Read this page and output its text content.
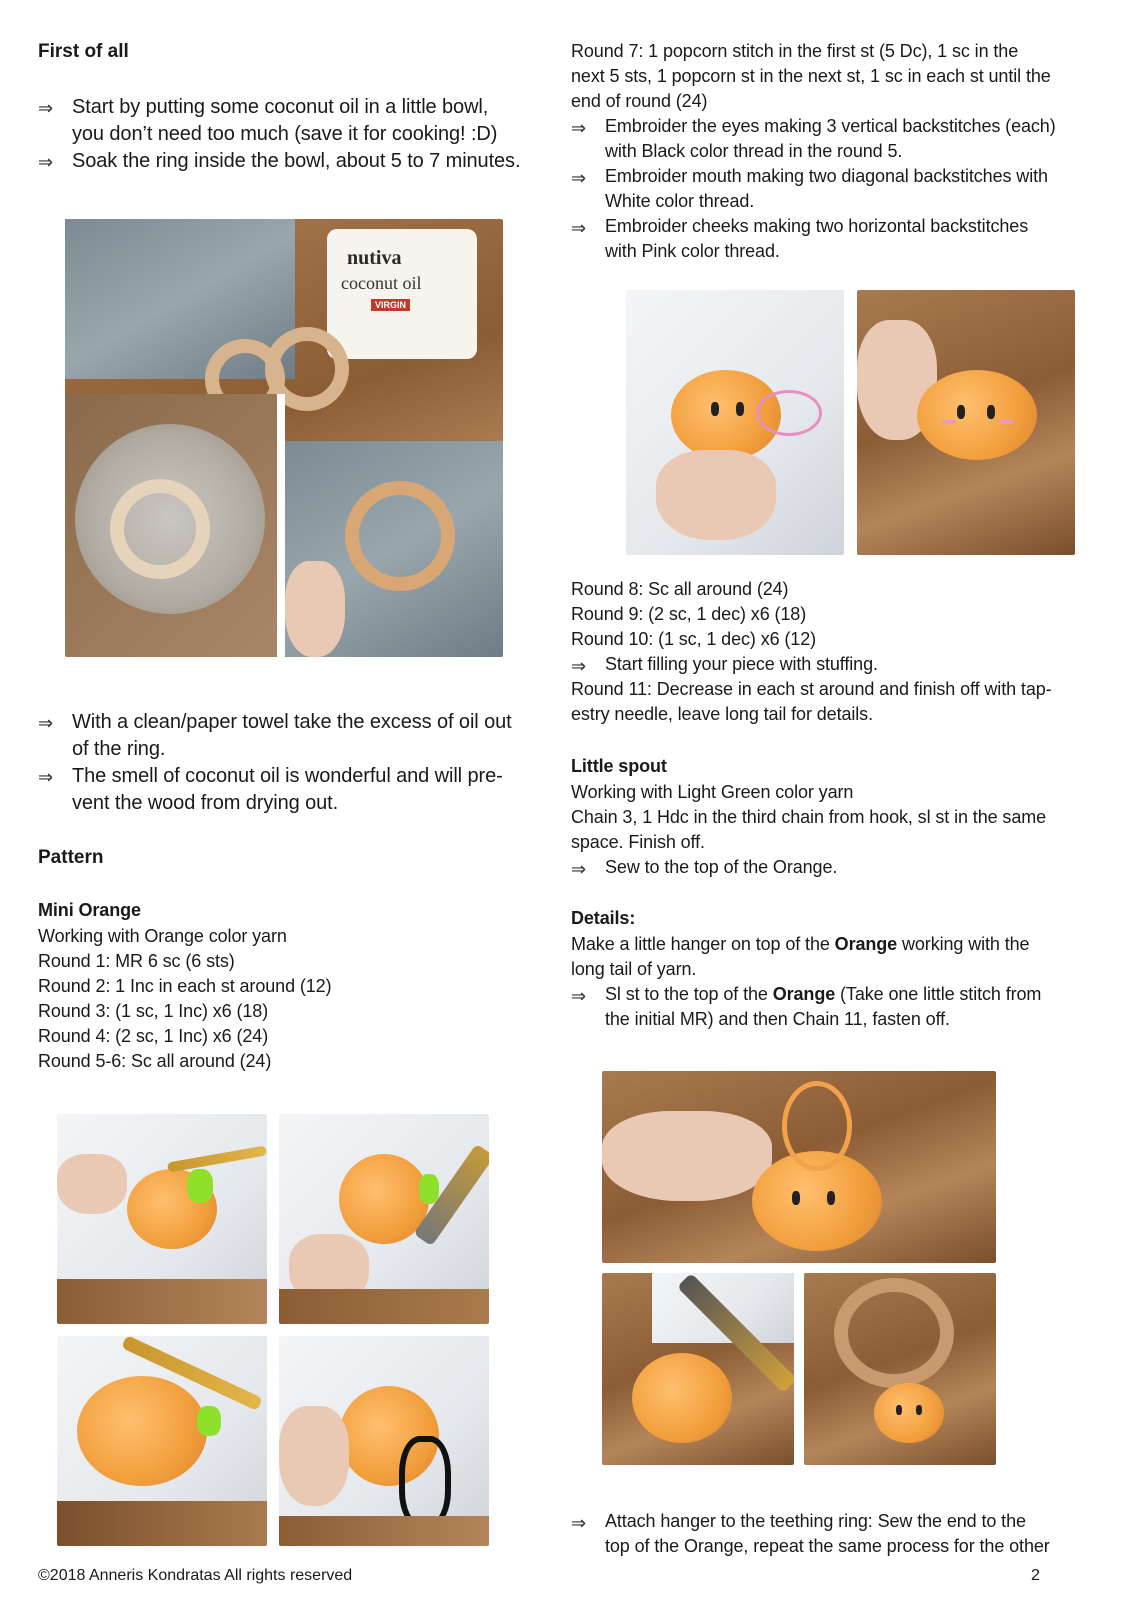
First of all
⇒ Start by putting some coconut oil in a little bowl,
you don’t need too much (save it for cooking! :D)
⇒ Soak the ring inside the bowl, about 5 to 7 minutes.
nutiva
coconut oil
VIRGIN
⇒ With a clean/paper towel take the excess of oil out
of the ring.
⇒ The smell of coconut oil is wonderful and will pre-
vent the wood from drying out.
Pattern
Mini Orange
Working with Orange color yarn
Round 1: MR 6 sc (6 sts)
Round 2: 1 Inc in each st around (12)
Round 3: (1 sc, 1 Inc) x6 (18)
Round 4: (2 sc, 1 Inc) x6 (24)
Round 5-6: Sc all around (24)
Round 7: 1 popcorn stitch in the first st (5 Dc), 1 sc in the
next 5 sts, 1 popcorn st in the next st, 1 sc in each st until the
end of round (24)
⇒ Embroider the eyes making 3 vertical backstitches (each)
with Black color thread in the round 5.
⇒ Embroider mouth making two diagonal backstitches with
White color thread.
⇒ Embroider cheeks making two horizontal backstitches
with Pink color thread.
Round 8: Sc all around (24)
Round 9: (2 sc, 1 dec) x6 (18)
Round 10: (1 sc, 1 dec) x6 (12)
⇒ Start filling your piece with stuffing.
Round 11: Decrease in each st around and finish off with tap-
estry needle, leave long tail for details.
Little spout
Working with Light Green color yarn
Chain 3, 1 Hdc in the third chain from hook, sl st in the same
space. Finish off.
⇒ Sew to the top of the Orange.
Details:
Make a little hanger on top of the Orange working with the
long tail of yarn.
⇒ Sl st to the top of the Orange (Take one little stitch from
the initial MR) and then Chain 11, fasten off.
⇒ Attach hanger to the teething ring: Sew the end to the
top of the Orange, repeat the same process for the other
©2018 Anneris Kondratas All rights reserved	2
